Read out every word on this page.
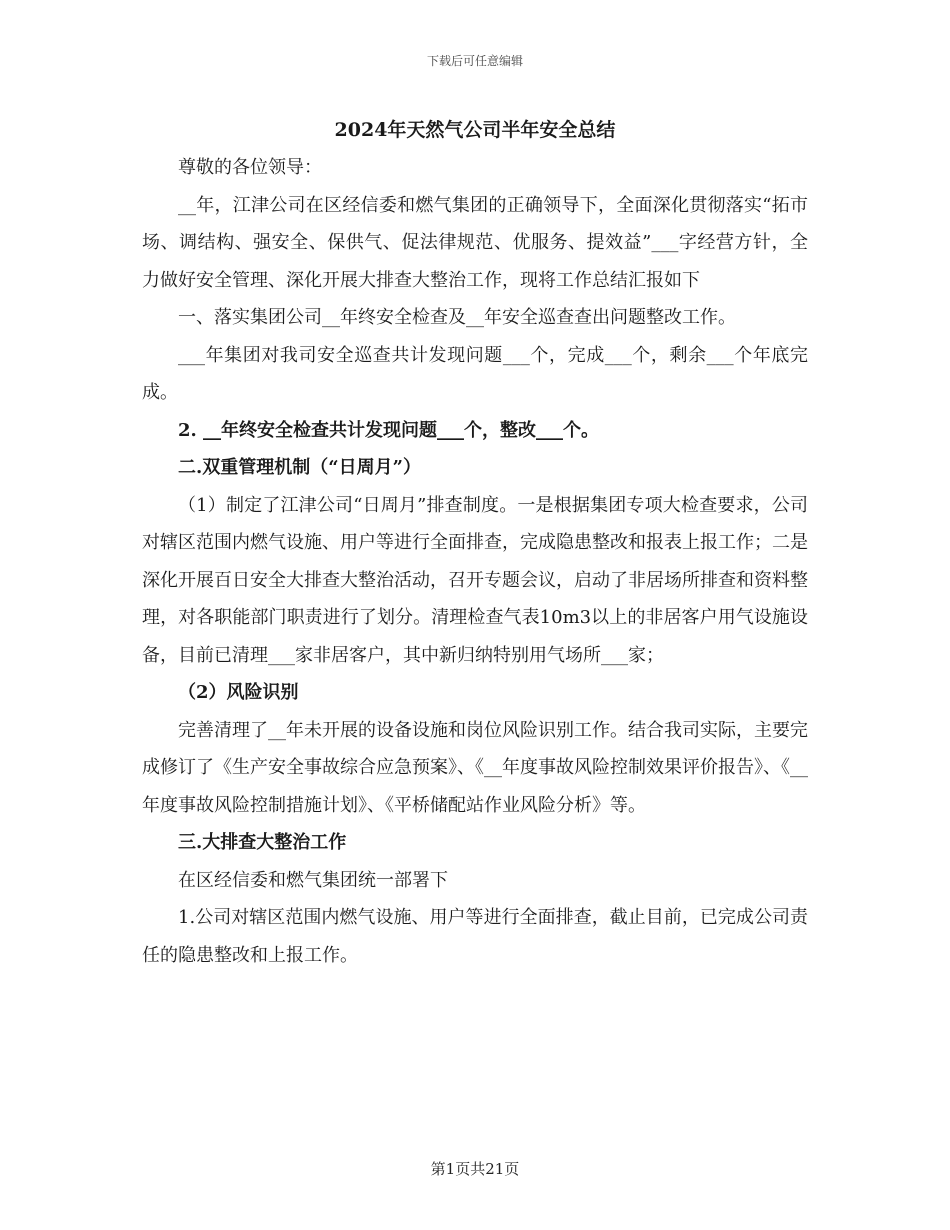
下载后可任意编辑
2024年天然气公司半年安全总结

尊敬的各位领导：

__年，江津公司在区经信委和燃气集团的正确领导下，全面深化贯彻落实“拓市场、调结构、强安全、保供气、促法律规范、优服务、提效益”___字经营方针，全力做好安全管理、深化开展大排查大整治工作，现将工作总结汇报如下

一、落实集团公司__年终安全检查及__年安全巡查查出问题整改工作。

___年集团对我司安全巡查共计发现问题___个，完成___个，剩余___个年底完成。

2. __年终安全检查共计发现问题___个，整改___个。

二.双重管理机制（“日周月”）

（1）制定了江津公司“日周月”排查制度。一是根据集团专项大检查要求，公司对辖区范围内燃气设施、用户等进行全面排查，完成隐患整改和报表上报工作；二是深化开展百日安全大排查大整治活动，召开专题会议，启动了非居场所排查和资料整理，对各职能部门职责进行了划分。清理检查气表10m3以上的非居客户用气设施设备，目前已清理___家非居客户，其中新归纳特别用气场所___家；

（2）风险识别

完善清理了__年未开展的设备设施和岗位风险识别工作。结合我司实际，主要完成修订了《生产安全事故综合应急预案》、《__年度事故风险控制效果评价报告》、《__年度事故风险控制措施计划》、《平桥储配站作业风险分析》等。

三.大排查大整治工作

在区经信委和燃气集团统一部署下

1.公司对辖区范围内燃气设施、用户等进行全面排查，截止目前，已完成公司责任的隐患整改和上报工作。

第1页共21页
